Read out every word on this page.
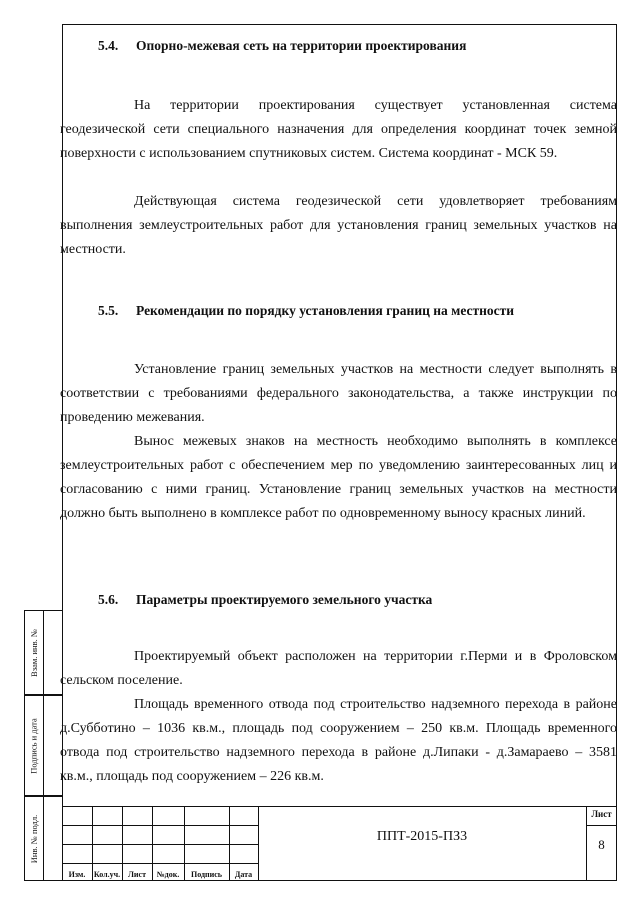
5.4. Опорно-межевая сеть на территории проектирования
На территории проектирования существует установленная система геодезической сети специального назначения для определения координат точек земной поверхности с использованием спутниковых систем. Система координат - МСК 59.
Действующая система геодезической сети удовлетворяет требованиям выполнения землеустроительных работ для установления границ земельных участков на местности.
5.5. Рекомендации по порядку установления границ на местности
Установление границ земельных участков на местности следует выполнять в соответствии с требованиями федерального законодательства, а также инструкции по проведению межевания.
Вынос межевых знаков на местность необходимо выполнять в комплексе землеустроительных работ с обеспечением мер по уведомлению заинтересованных лиц и согласованию с ними границ. Установление границ земельных участков на местности должно быть выполнено в комплексе работ по одновременному выносу красных линий.
5.6. Параметры проектируемого земельного участка
Проектируемый объект расположен на территории г.Перми и в Фроловском сельском поселение.
Площадь временного отвода под строительство надземного перехода в районе д.Субботино – 1036 кв.м., площадь под сооружением – 250 кв.м. Площадь временного отвода под строительство надземного перехода в районе д.Липаки - д.Замараево – 3581 кв.м., площадь под сооружением – 226 кв.м.
Взам. инв. №
Подпись и дата
Инв. № подл.
Изм.	Кол.уч. Лист	№док.	Подпись	Дата
ППТ-2015-ПЗ3
Лист
8
